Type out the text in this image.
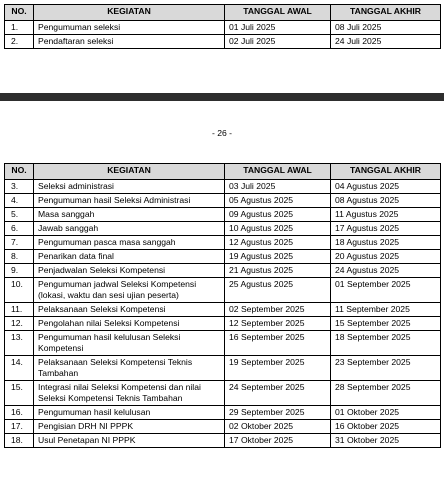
NO.	KEGIATAN	TANGGAL AWAL	TANGGAL AKHIR
1.	Pengumuman seleksi	01 Juli 2025	08 Juli 2025
2.	Pendaftaran seleksi	02 Juli 2025	24 Juli 2025
- 26 -
NO.	KEGIATAN	TANGGAL AWAL	TANGGAL AKHIR
3.	Seleksi administrasi	03 Juli 2025	04 Agustus 2025
4.	Pengumuman hasil Seleksi Administrasi	05 Agustus 2025	08 Agustus 2025
5.	Masa sanggah	09 Agustus 2025	11 Agustus 2025
6.	Jawab sanggah	10 Agustus 2025	17 Agustus 2025
7.	Pengumuman pasca masa sanggah	12 Agustus 2025	18 Agustus 2025
8.	Penarikan data final	19 Agustus 2025	20 Agustus 2025
9.	Penjadwalan Seleksi Kompetensi	21 Agustus 2025	24 Agustus 2025
10.	Pengumuman jadwal Seleksi Kompetensi (lokasi, waktu dan sesi ujian peserta)	25 Agustus 2025	01 September 2025
11.	Pelaksanaan Seleksi Kompetensi	02 September 2025	11 September 2025
12.	Pengolahan nilai Seleksi Kompetensi	12 September 2025	15 September 2025
13.	Pengumuman hasil kelulusan Seleksi Kompetensi	16 September 2025	18 September 2025
14.	Pelaksanaan Seleksi Kompetensi Teknis Tambahan	19 September 2025	23 September 2025
15.	Integrasi nilai Seleksi Kompetensi dan nilai Seleksi Kompetensi Teknis Tambahan	24 September 2025	28 September 2025
16.	Pengumuman hasil kelulusan	29 September 2025	01 Oktober 2025
17.	Pengisian DRH NI PPPK	02 Oktober 2025	16 Oktober 2025
18.	Usul Penetapan NI PPPK	17 Oktober 2025	31 Oktober 2025
